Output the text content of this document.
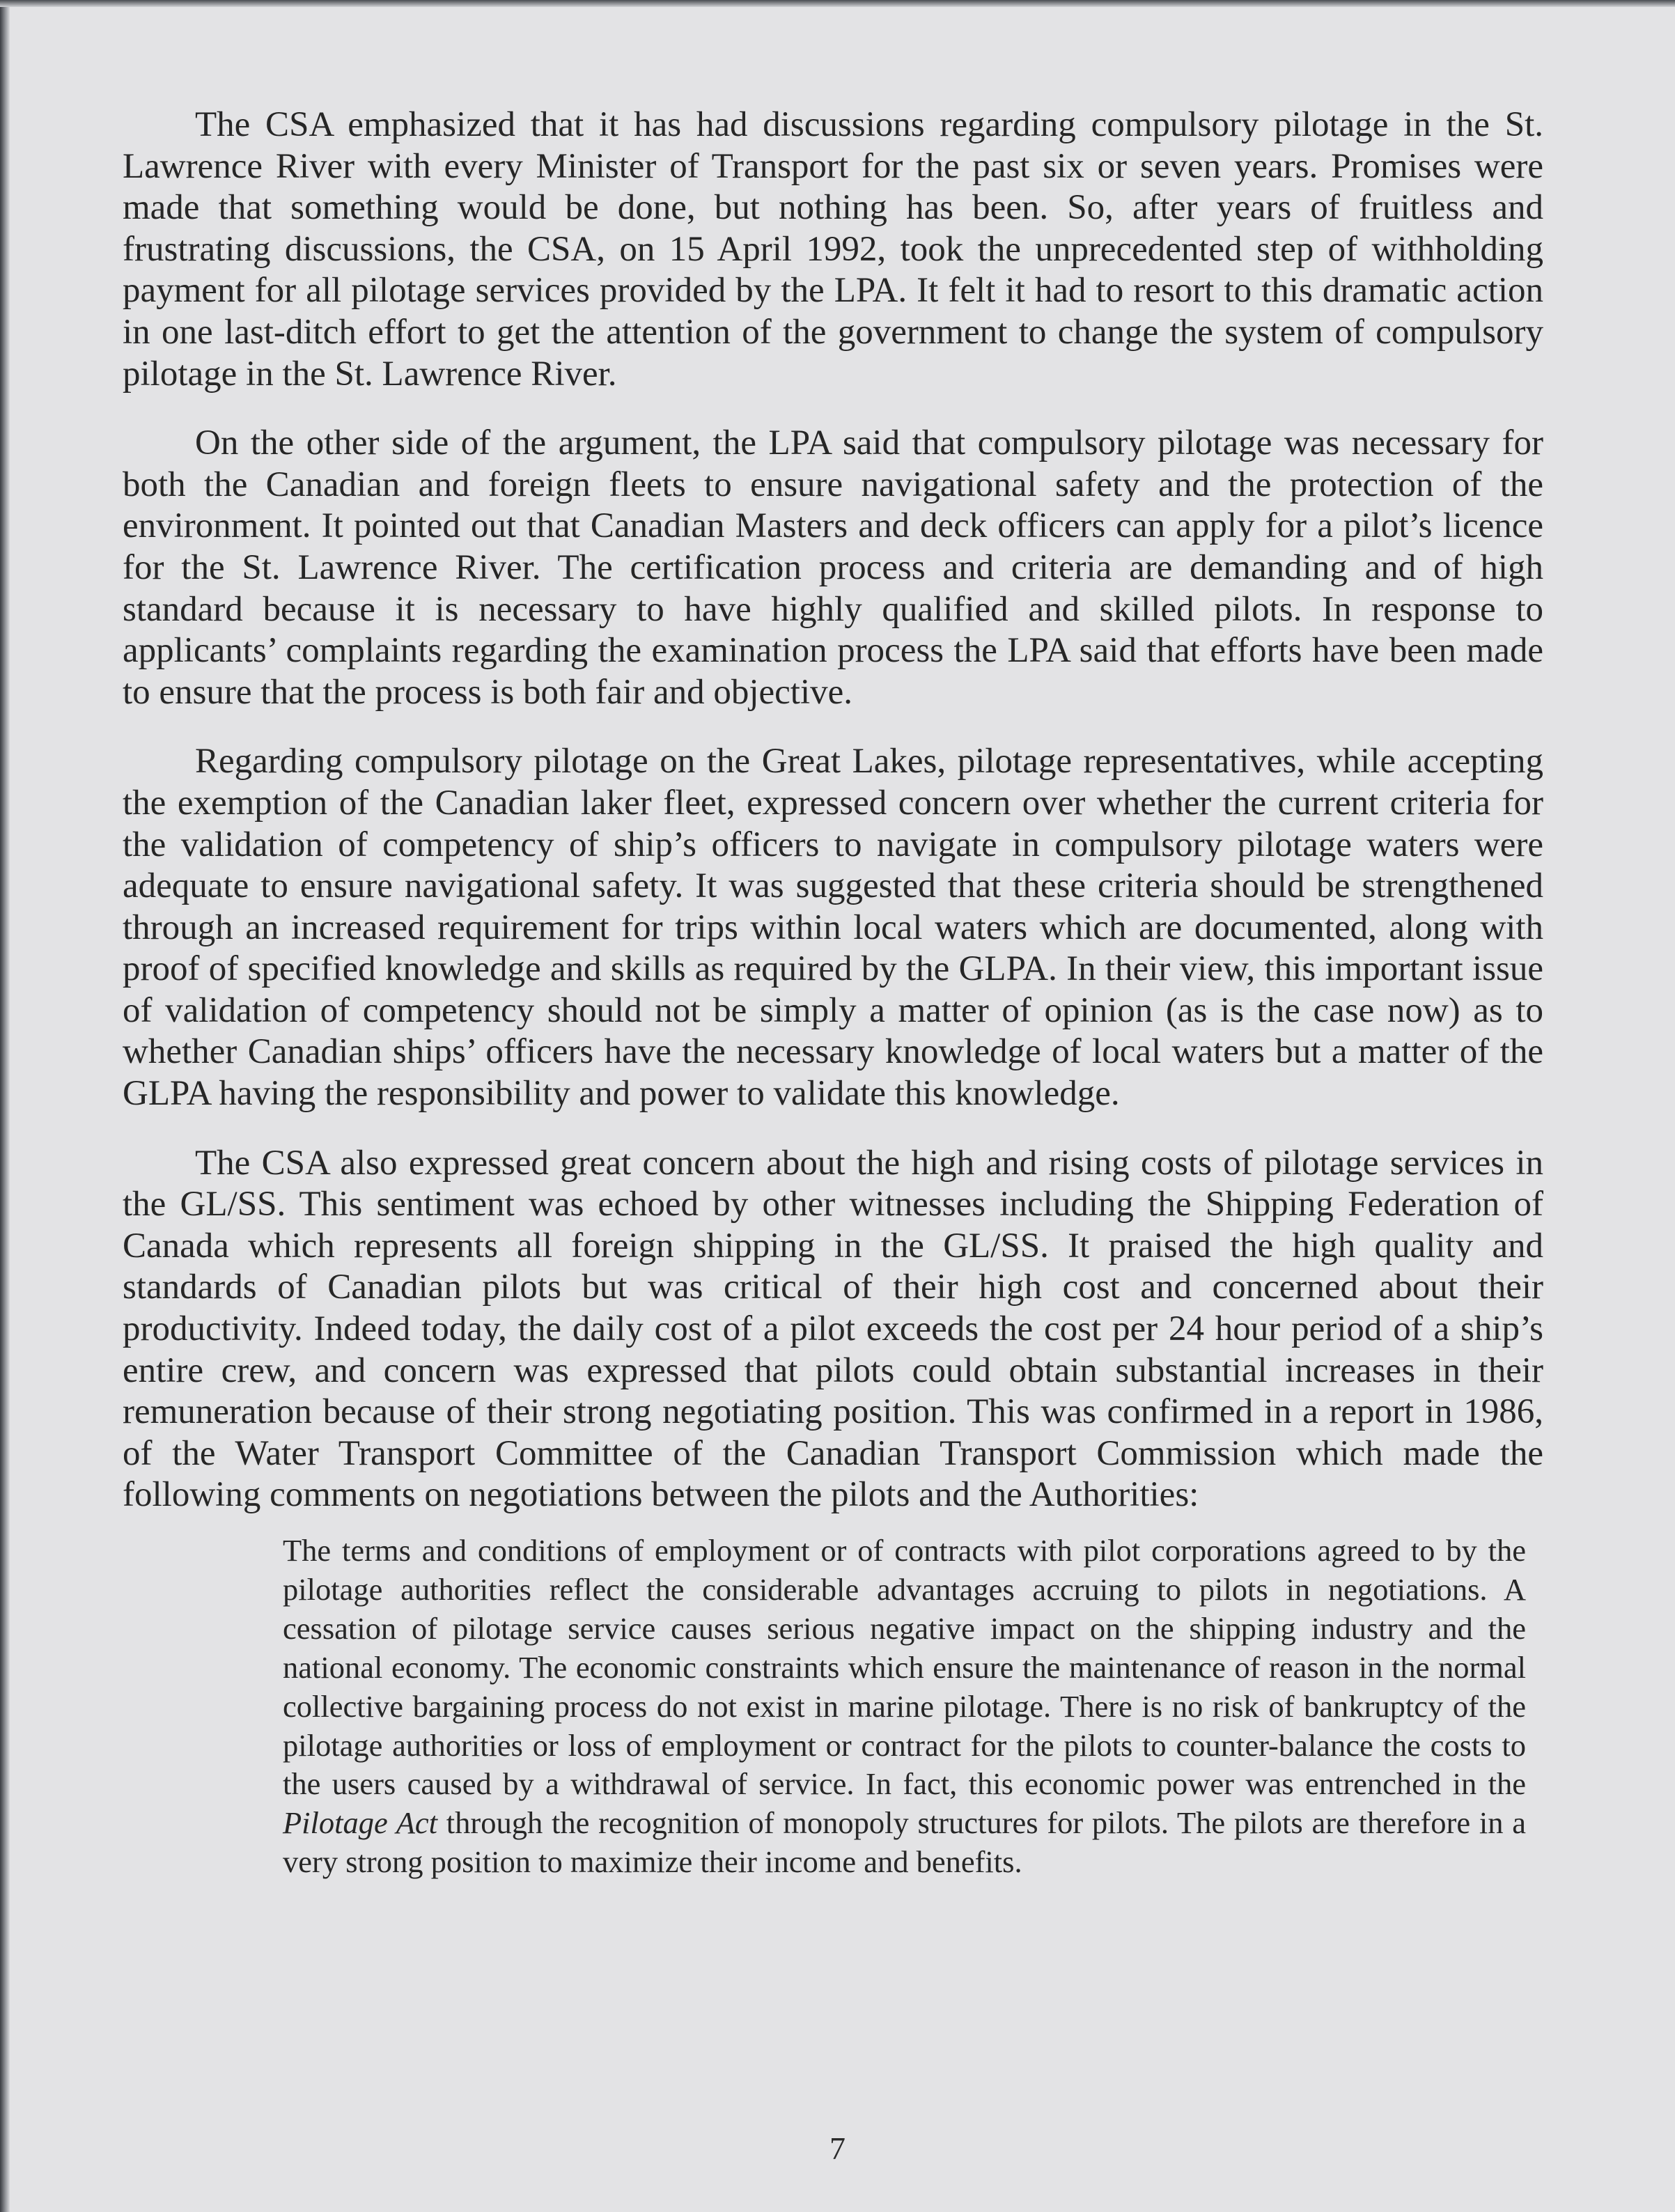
The CSA emphasized that it has had discussions regarding compulsory pilotage in the St. Lawrence River with every Minister of Transport for the past six or seven years. Promises were made that something would be done, but nothing has been. So, after years of fruitless and frustrating discussions, the CSA, on 15 April 1992, took the unprecedented step of withholding payment for all pilotage services provided by the LPA. It felt it had to resort to this dramatic action in one last-ditch effort to get the attention of the government to change the system of compulsory pilotage in the St. Lawrence River.

On the other side of the argument, the LPA said that compulsory pilotage was necessary for both the Canadian and foreign fleets to ensure navigational safety and the protection of the environment. It pointed out that Canadian Masters and deck officers can apply for a pilot’s licence for the St. Lawrence River. The certification process and criteria are demanding and of high standard because it is necessary to have highly qualified and skilled pilots. In response to applicants’ complaints regarding the examination process the LPA said that efforts have been made to ensure that the process is both fair and objective.

Regarding compulsory pilotage on the Great Lakes, pilotage representatives, while accepting the exemption of the Canadian laker fleet, expressed concern over whether the current criteria for the validation of competency of ship’s officers to navigate in compulsory pilotage waters were adequate to ensure navigational safety. It was suggested that these criteria should be strengthened through an increased requirement for trips within local waters which are documented, along with proof of specified knowledge and skills as required by the GLPA. In their view, this important issue of validation of competency should not be simply a matter of opinion (as is the case now) as to whether Canadian ships’ officers have the necessary knowledge of local waters but a matter of the GLPA having the responsibility and power to validate this knowledge.

The CSA also expressed great concern about the high and rising costs of pilotage services in the GL/SS. This sentiment was echoed by other witnesses including the Shipping Federation of Canada which represents all foreign shipping in the GL/SS. It praised the high quality and standards of Canadian pilots but was critical of their high cost and concerned about their productivity. Indeed today, the daily cost of a pilot exceeds the cost per 24 hour period of a ship’s entire crew, and concern was expressed that pilots could obtain substantial increases in their remuneration because of their strong negotiating position. This was confirmed in a report in 1986, of the Water Transport Committee of the Canadian Transport Commission which made the following comments on negotiations between the pilots and the Authorities:

The terms and conditions of employment or of contracts with pilot corporations agreed to by the pilotage authorities reflect the considerable advantages accruing to pilots in negotiations. A cessation of pilotage service causes serious negative impact on the shipping industry and the national economy. The economic constraints which ensure the maintenance of reason in the normal collective bargaining process do not exist in marine pilotage. There is no risk of bankruptcy of the pilotage authorities or loss of employment or contract for the pilots to counter-balance the costs to the users caused by a withdrawal of service. In fact, this economic power was entrenched in the Pilotage Act through the recognition of monopoly structures for pilots. The pilots are therefore in a very strong position to maximize their income and benefits.
7
